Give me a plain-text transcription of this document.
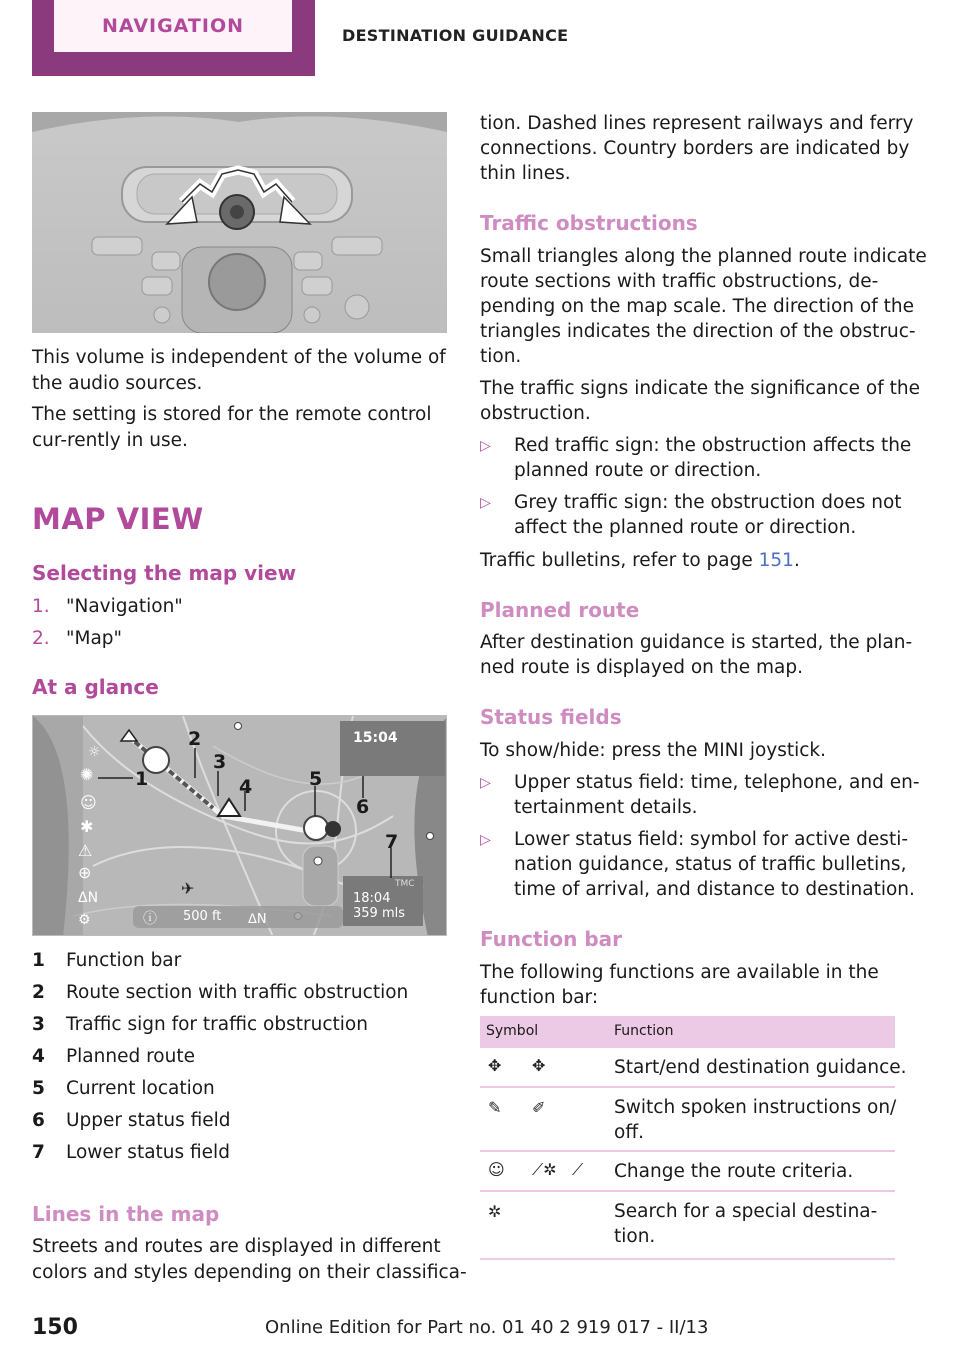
NAVIGATION	DESTINATION GUIDANCE
This volume is independent of the volume of the audio sources.
The setting is stored for the remote control cur-rently in use.
MAP VIEW
Selecting the map view
1. "Navigation"
2. "Map"
At a glance
☼
✺
☺
✱
⚠
⊕
ᐃN
⚙
✈
ⓘ	ᐃN
15:04
18:04
359 mls
TMC
500 ft
1
2
3
4	5
6
7
1 Function bar
2 Route section with traffic obstruction
3 Traffic sign for traffic obstruction
4 Planned route
5 Current location
6 Upper status field
7 Lower status field
Lines in the map
Streets and routes are displayed in different
colors and styles depending on their classifica-
tion. Dashed lines represent railways and ferry
connections. Country borders are indicated by
thin lines.
Traffic obstructions
Small triangles along the planned route indicate
route sections with traffic obstructions, de-
pending on the map scale. The direction of the
triangles indicates the direction of the obstruc-
tion.
The traffic signs indicate the significance of the
obstruction.
▷ Red traffic sign: the obstruction affects the
planned route or direction.
▷ Grey traffic sign: the obstruction does not
affect the planned route or direction.
Traffic bulletins, refer to page 151.
Planned route
After destination guidance is started, the plan-
ned route is displayed on the map.
Status fields
To show/hide: press the MINI joystick.
▷ Upper status field: time, telephone, and en-
tertainment details.
▷ Lower status field: symbol for active desti-
nation guidance, status of traffic bulletins,
time of arrival, and distance to destination.
Function bar
The following functions are available in the
function bar:
Symbol	Function
✥ ✥	Start/end destination guidance.
✎ ✐	Switch spoken instructions on/
off.
☺ ⟋✲ ⟋ Change the route criteria.
✲	Search for a special destina-
tion.
150	Online Edition for Part no. 01 40 2 919 017 - II/13
